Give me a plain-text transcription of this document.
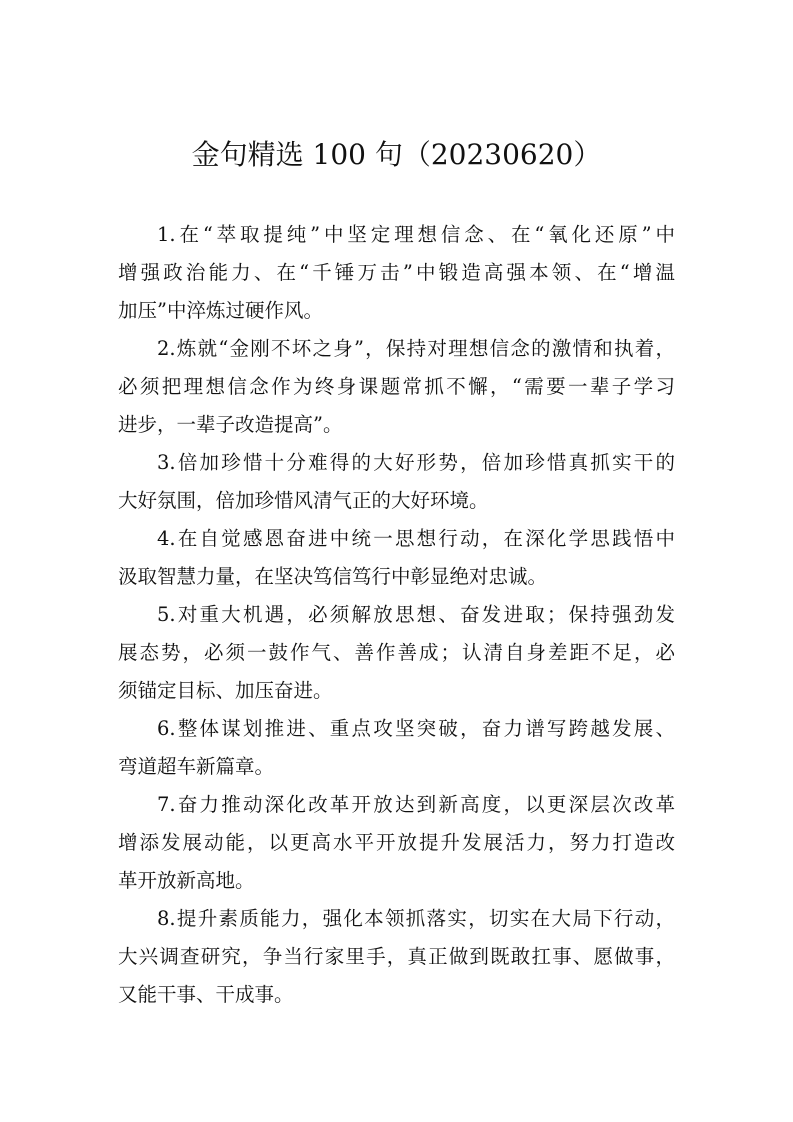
金句精选 100 句（20230620）
1.在“萃取提纯”中坚定理想信念、在“氧化还原”中
增强政治能力、在“千锤万击”中锻造高强本领、在“增温
加压”中淬炼过硬作风。
2.炼就“金刚不坏之身”，保持对理想信念的激情和执着，
必须把理想信念作为终身课题常抓不懈，“需要一辈子学习
进步，一辈子改造提高”。
3.倍加珍惜十分难得的大好形势，倍加珍惜真抓实干的
大好氛围，倍加珍惜风清气正的大好环境。
4.在自觉感恩奋进中统一思想行动，在深化学思践悟中
汲取智慧力量，在坚决笃信笃行中彰显绝对忠诚。
5.对重大机遇，必须解放思想、奋发进取；保持强劲发
展态势，必须一鼓作气、善作善成；认清自身差距不足，必
须锚定目标、加压奋进。
6.整体谋划推进、重点攻坚突破，奋力谱写跨越发展、
弯道超车新篇章。
7.奋力推动深化改革开放达到新高度，以更深层次改革
增添发展动能，以更高水平开放提升发展活力，努力打造改
革开放新高地。
8.提升素质能力，强化本领抓落实，切实在大局下行动，
大兴调查研究，争当行家里手，真正做到既敢扛事、愿做事，
又能干事、干成事。
